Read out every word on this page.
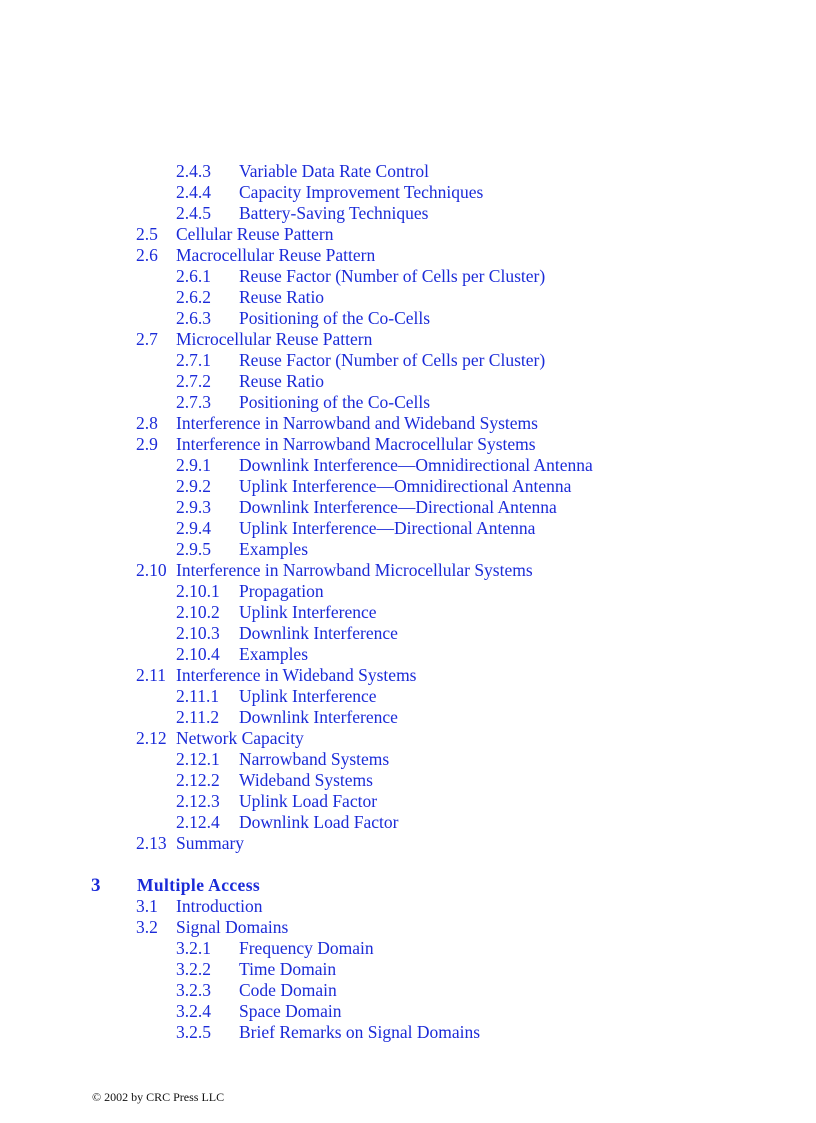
2.4.3 Variable Data Rate Control
2.4.4 Capacity Improvement Techniques
2.4.5 Battery-Saving Techniques
2.5 Cellular Reuse Pattern
2.6 Macrocellular Reuse Pattern
2.6.1 Reuse Factor (Number of Cells per Cluster)
2.6.2 Reuse Ratio
2.6.3 Positioning of the Co-Cells
2.7 Microcellular Reuse Pattern
2.7.1 Reuse Factor (Number of Cells per Cluster)
2.7.2 Reuse Ratio
2.7.3 Positioning of the Co-Cells
2.8 Interference in Narrowband and Wideband Systems
2.9 Interference in Narrowband Macrocellular Systems
2.9.1 Downlink Interference—Omnidirectional Antenna
2.9.2 Uplink Interference—Omnidirectional Antenna
2.9.3 Downlink Interference—Directional Antenna
2.9.4 Uplink Interference—Directional Antenna
2.9.5 Examples
2.10 Interference in Narrowband Microcellular Systems
2.10.1 Propagation
2.10.2 Uplink Interference
2.10.3 Downlink Interference
2.10.4 Examples
2.11 Interference in Wideband Systems
2.11.1 Uplink Interference
2.11.2 Downlink Interference
2.12 Network Capacity
2.12.1 Narrowband Systems
2.12.2 Wideband Systems
2.12.3 Uplink Load Factor
2.12.4 Downlink Load Factor
2.13 Summary
3 Multiple Access
3.1 Introduction
3.2 Signal Domains
3.2.1 Frequency Domain
3.2.2 Time Domain
3.2.3 Code Domain
3.2.4 Space Domain
3.2.5 Brief Remarks on Signal Domains
© 2002 by CRC Press LLC
